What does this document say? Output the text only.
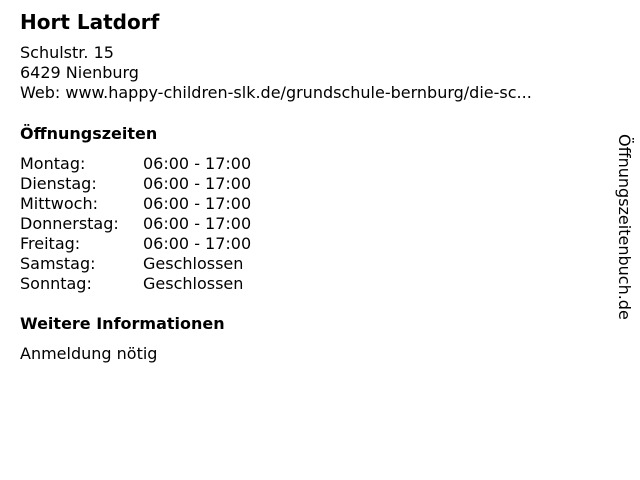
Hort Latdorf
Schulstr. 15
6429 Nienburg
Web: www.happy-children-slk.de/grundschule-bernburg/die-sc...
Öffnungszeiten
Montag:	06:00 - 17:00
Dienstag:	06:00 - 17:00
Mittwoch:	06:00 - 17:00
Donnerstag: 06:00 - 17:00
Freitag:	06:00 - 17:00
Samstag:	Geschlossen
Sonntag:	Geschlossen
Weitere Informationen
Anmeldung nötig
Öffnungszeitenbuch.de
